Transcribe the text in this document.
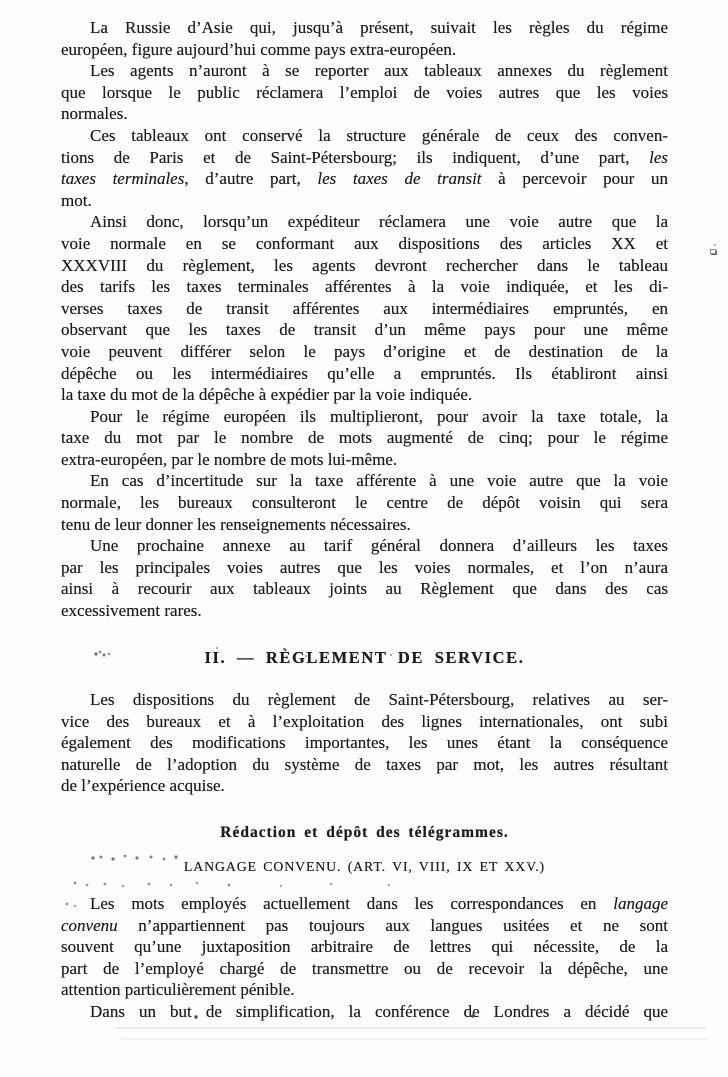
La Russie d’Asie qui, jusqu’à présent, suivait les règles du régime
européen, figure aujourd’hui comme pays extra-européen.
Les agents n’auront à se reporter aux tableaux annexes du règlement
que lorsque le public réclamera l’emploi de voies autres que les voies
normales.
Ces tableaux ont conservé la structure générale de ceux des conven-
tions de Paris et de Saint-Pétersbourg; ils indiquent, d’une part, les
taxes terminales, d’autre part, les taxes de transit à percevoir pour un
mot.
Ainsi donc, lorsqu’un expéditeur réclamera une voie autre que la
voie normale en se conformant aux dispositions des articles XX et
XXXVIII du règlement, les agents devront rechercher dans le tableau
des tarifs les taxes terminales afférentes à la voie indiquée, et les di-
verses taxes de transit afférentes aux intermédiaires empruntés, en
observant que les taxes de transit d’un même pays pour une même
voie peuvent différer selon le pays d’origine et de destination de la
dépêche ou les intermédiaires qu’elle a empruntés. Ils établiront ainsi
la taxe du mot de la dépêche à expédier par la voie indiquée.
Pour le régime européen ils multiplieront, pour avoir la taxe totale, la
taxe du mot par le nombre de mots augmenté de cinq; pour le régime
extra-européen, par le nombre de mots lui-même.
En cas d’incertitude sur la taxe afférente à une voie autre que la voie
normale, les bureaux consulteront le centre de dépôt voisin qui sera
tenu de leur donner les renseignements nécessaires.
Une prochaine annexe au tarif général donnera d’ailleurs les taxes
par les principales voies autres que les voies normales, et l’on n’aura
ainsi à recourir aux tableaux joints au Règlement que dans des cas
excessivement rares.
II. — RÈGLEMENT DE SERVICE.
Les dispositions du règlement de Saint-Pétersbourg, relatives au ser-
vice des bureaux et à l’exploitation des lignes internationales, ont subi
également des modifications importantes, les unes étant la conséquence
naturelle de l’adoption du système de taxes par mot, les autres résultant
de l’expérience acquise.
Rédaction et dépôt des télégrammes.
LANGAGE CONVENU. (ART. VI, VIII, IX ET XXV.)
Les mots employés actuellement dans les correspondances en langage
convenu n’appartiennent pas toujours aux langues usitées et ne sont
souvent qu’une juxtaposition arbitraire de lettres qui nécessite, de la
part de l’employé chargé de transmettre ou de recevoir la dépêche, une
attention particulièrement pénible.
Dans un but de simplification, la conférence de Londres a décidé que
